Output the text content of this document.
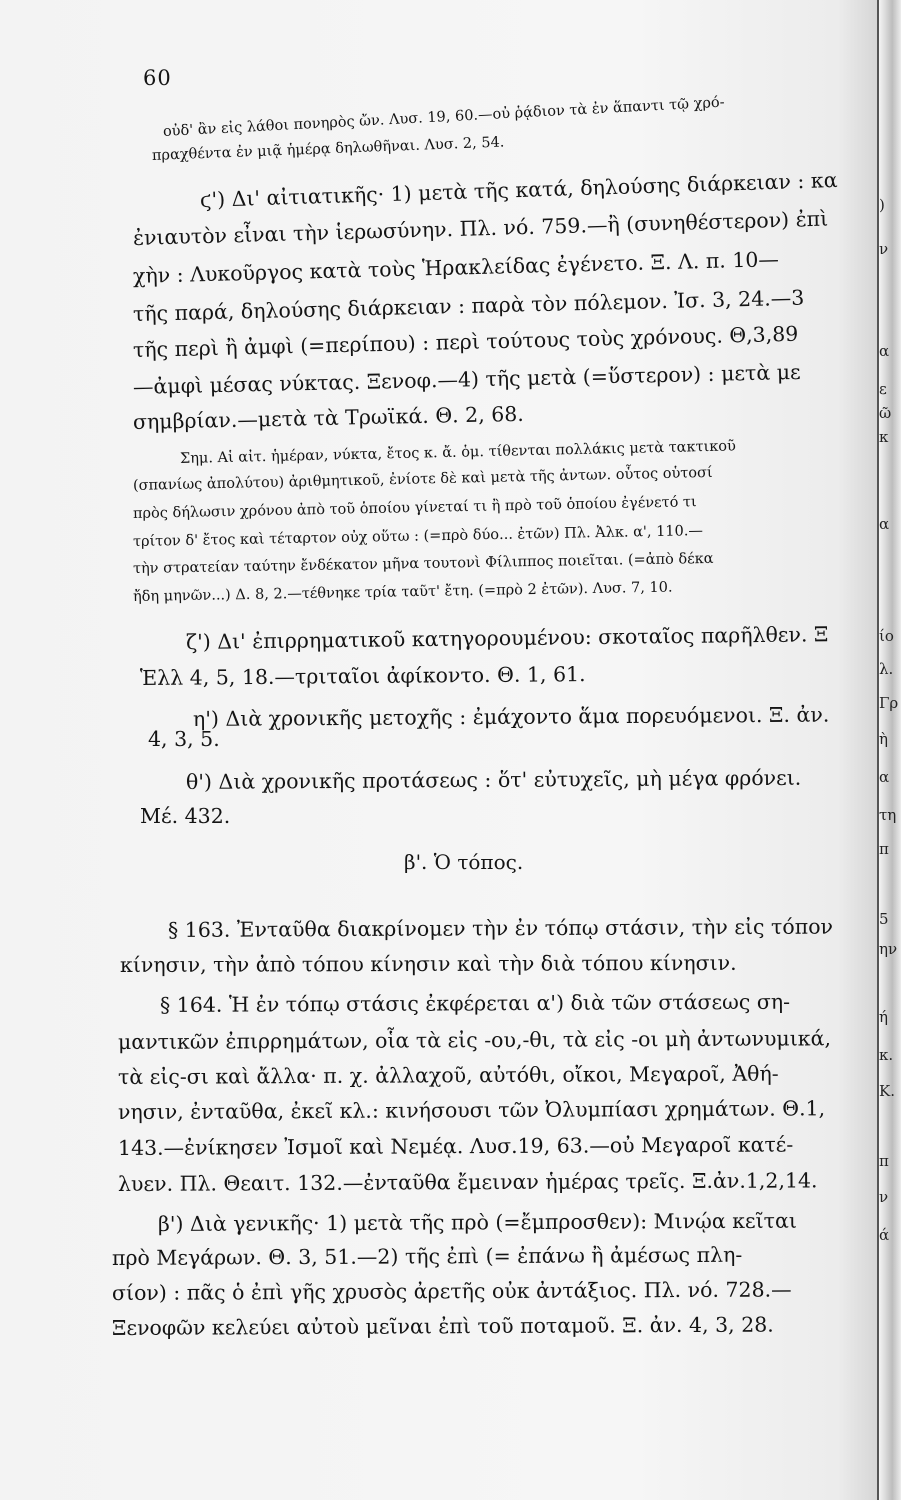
60
οὐδ' ἂν εἰς λάθοι πονηρὸς ὤν. Λυσ. 19, 60.—οὐ ῥᾴδιον τὰ ἐν ἅπαντι τῷ χρό-
πραχθέντα ἐν μιᾷ ἡμέρᾳ δηλωθῆναι. Λυσ. 2, 54.
ϛ') Δι' αἰτιατικῆς· 1) μετὰ τῆς κατά, δηλούσης διάρκειαν : κα
ἐνιαυτὸν εἶναι τὴν ἱερωσύνην. Πλ. νό. 759.—ἢ (συνηθέστερον) ἐπὶ
χὴν : Λυκοῦργος κατὰ τοὺς Ἡρακλείδας ἐγένετο. Ξ. Λ. π. 10—
τῆς παρά, δηλούσης διάρκειαν : παρὰ τὸν πόλεμον. Ἰσ. 3, 24.—3
τῆς περὶ ἢ ἀμφὶ (=περίπου) : περὶ τούτους τοὺς χρόνους. Θ,3,89
—ἀμφὶ μέσας νύκτας. Ξενοφ.—4) τῆς μετὰ (=ὕστερον) : μετὰ με
σημβρίαν.—μετὰ τὰ Τρωϊκά. Θ. 2, 68.
Σημ. Αἱ αἰτ. ἡμέραν, νύκτα, ἔτος κ. ἄ. ὁμ. τίθενται πολλάκις μετὰ τακτικοῦ
(σπανίως ἀπολύτου) ἀριθμητικοῦ, ἐνίοτε δὲ καὶ μετὰ τῆς ἀντων. οὗτος οὑτοσί
πρὸς δήλωσιν χρόνου ἀπὸ τοῦ ὁποίου γίνεταί τι ἢ πρὸ τοῦ ὁποίου ἐγένετό τι
τρίτον δ' ἔτος καὶ τέταρτον οὐχ οὕτω : (=πρὸ δύο... ἐτῶν) Πλ. Ἀλκ. α', 110.—
τὴν στρατείαν ταύτην ἔνδέκατον μῆνα τουτονὶ Φίλιππος ποιεῖται. (=ἀπὸ δέκα
ἤδη μηνῶν...) Δ. 8, 2.—τέθνηκε τρία ταῦτ' ἔτη. (=πρὸ 2 ἐτῶν). Λυσ. 7, 10.
ζ') Δι' ἐπιρρηματικοῦ κατηγορουμένου: σκοταῖος παρῆλθεν. Ξ
Ἑλλ 4, 5, 18.—τριταῖοι ἀφίκοντο. Θ. 1, 61.
η') Διὰ χρονικῆς μετοχῆς : ἐμάχοντο ἅμα πορευόμενοι. Ξ. ἀν.
4, 3, 5.
θ') Διὰ χρονικῆς προτάσεως : ὅτ' εὐτυχεῖς, μὴ μέγα φρόνει.
Μέ. 432.
β'. Ὁ τόπος.
§ 163. Ἐνταῦθα διακρίνομεν τὴν ἐν τόπῳ στάσιν, τὴν εἰς τόπον
κίνησιν, τὴν ἀπὸ τόπου κίνησιν καὶ τὴν διὰ τόπου κίνησιν.
§ 164. Ἡ ἐν τόπῳ στάσις ἐκφέρεται α') διὰ τῶν στάσεως ση-
μαντικῶν ἐπιρρημάτων, οἷα τὰ εἰς -ου,-θι, τὰ εἰς -οι μὴ ἀντωνυμικά,
τὰ εἰς-σι καὶ ἄλλα· π. χ. ἀλλαχοῦ, αὐτόθι, οἴκοι, Μεγαροῖ, Ἀθή-
νησιν, ἐνταῦθα, ἐκεῖ κλ.: κινήσουσι τῶν Ὀλυμπίασι χρημάτων. Θ.1,
143.—ἐνίκησεν Ἰσμοῖ καὶ Νεμέᾳ. Λυσ.19, 63.—οὐ Μεγαροῖ κατέ-
λυεν. Πλ. Θεαιτ. 132.—ἐνταῦθα ἔμειναν ἡμέρας τρεῖς. Ξ.ἀν.1,2,14.
β') Διὰ γενικῆς· 1) μετὰ τῆς πρὸ (=ἔμπροσθεν): Μινῴα κεῖται
πρὸ Μεγάρων. Θ. 3, 51.—2) τῆς ἐπὶ (= ἐπάνω ἢ ἀμέσως πλη-
σίον) : πᾶς ὁ ἐπὶ γῆς χρυσὸς ἀρετῆς οὐκ ἀντάξιος. Πλ. νό. 728.—
Ξενοφῶν κελεύει αὐτοὺ μεῖναι ἐπὶ τοῦ ποταμοῦ. Ξ. ἀν. 4, 3, 28.
)
ν
α
ε
ῶ
κ
α
ίο
λ.
Γρ
ὴ
α
τη
π
5
ην
ή
κ.
Κ.
π
ν
ά
